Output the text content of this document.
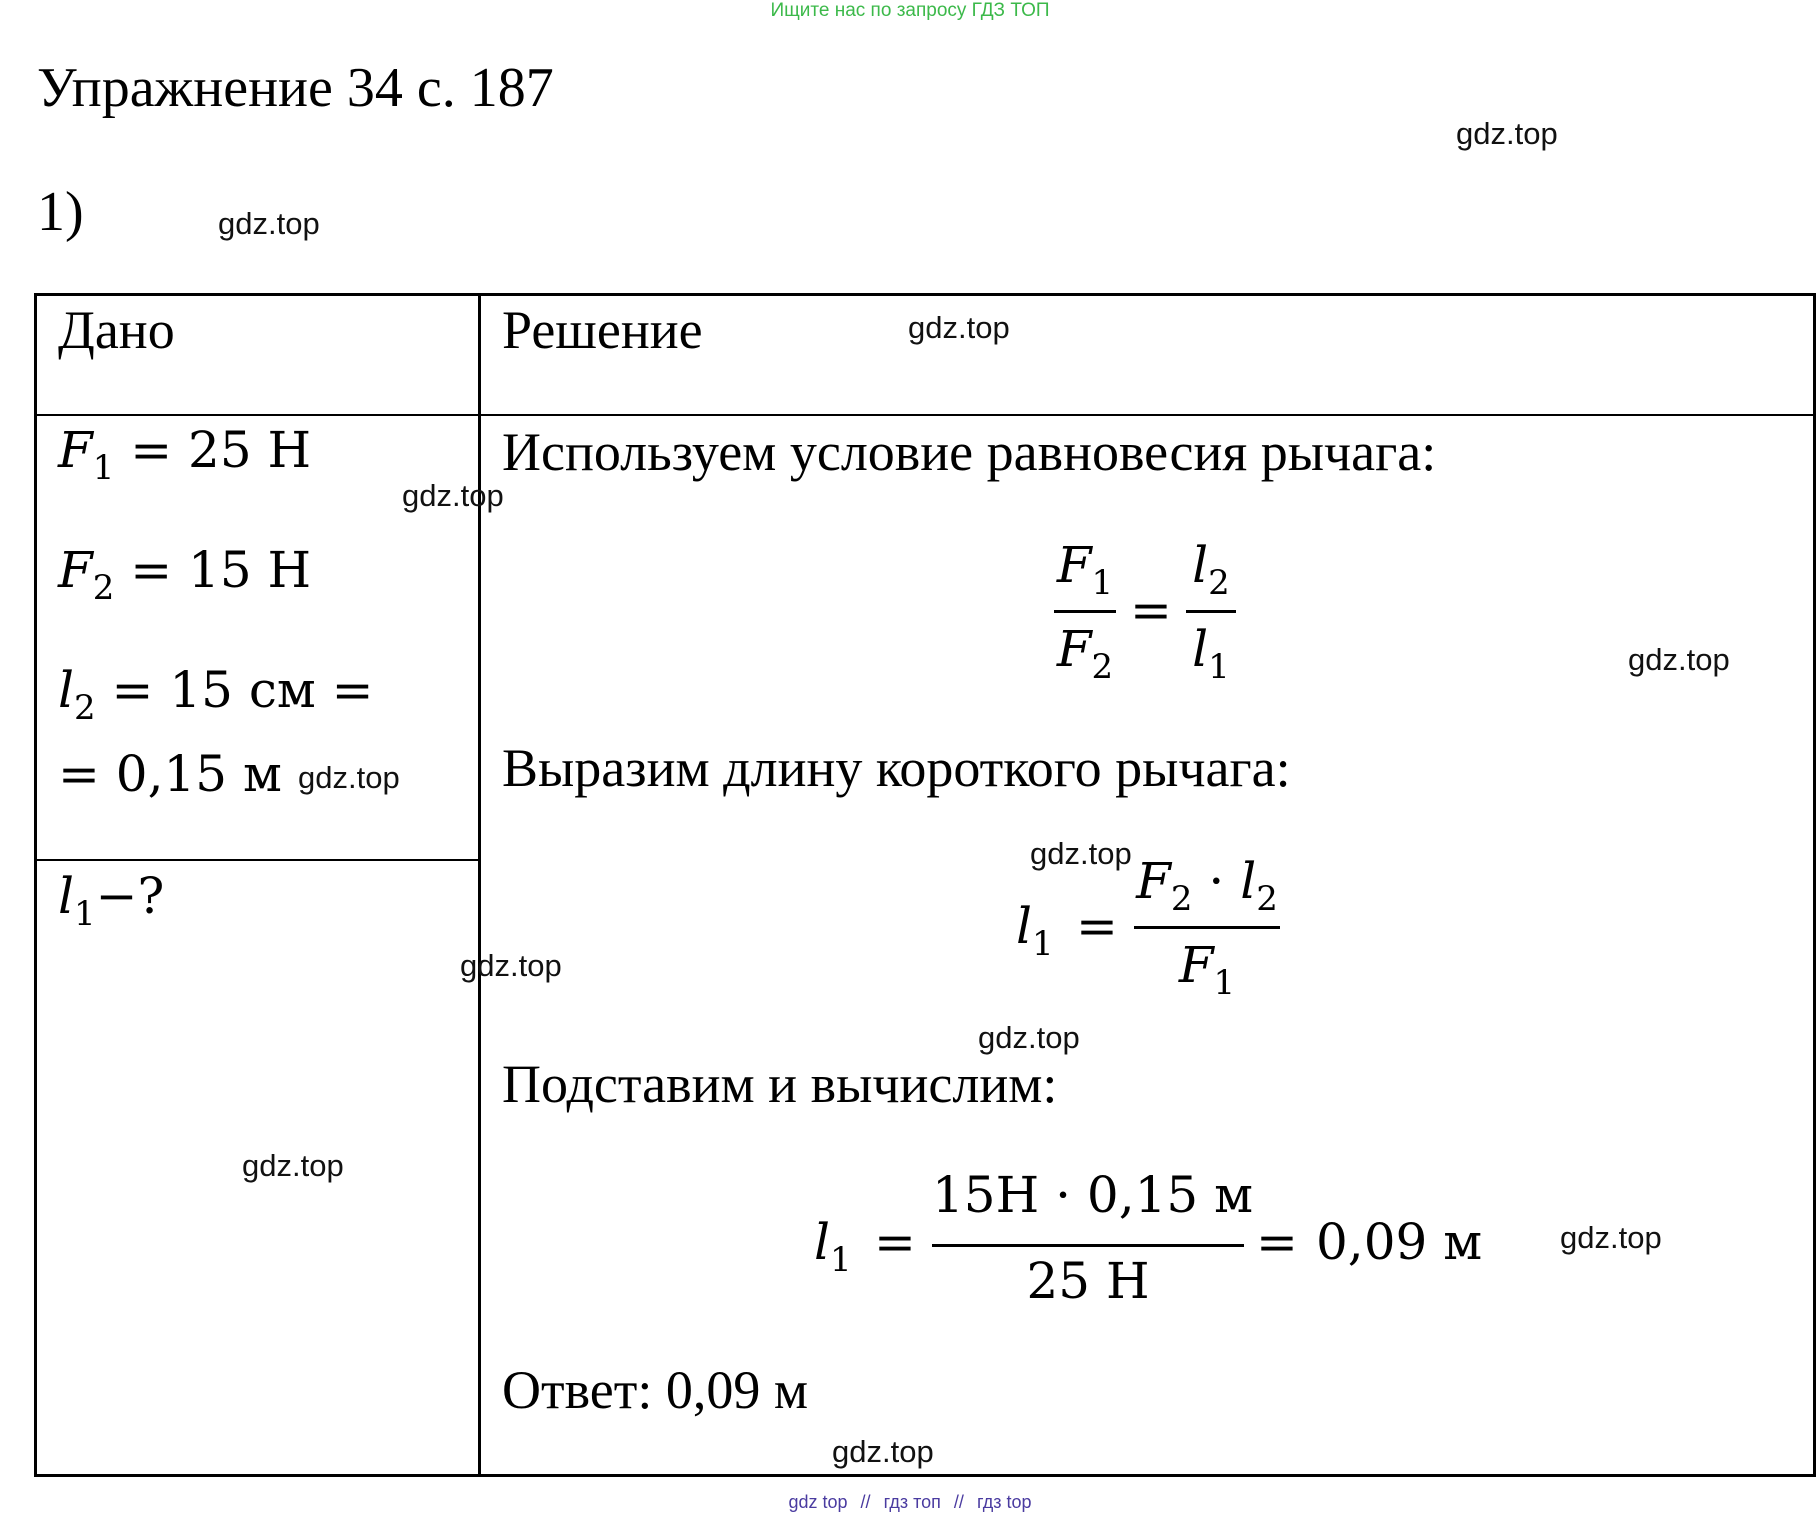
Ищите нас по запросу ГДЗ ТОП
Упражнение 34 с. 187
1)
Дано	Решение
$F_1 = 25$ Н
$F_2 = 15$ Н
$l_2 = 15$ см =
= 0,15 м
$l_1-$?
Используем условие равновесия рычага:
$F_1$
$F_2$
=
$l_2$
$l_1$
Выразим длину короткого рычага:
$l_1$ =
$F_2 \cdot l_2$
$F_1$
Подставим и вычислим:
$l_1$ =
15Н · 0,15 м
25 Н
= 0,09 м
Ответ: 0,09 м
gdz.top
gdz.top
gdz.top
gdz.top
gdz.top
gdz.top
gdz.top
gdz.top
gdz.top
gdz.top
gdz.top
gdz.top
gdz top // гдз топ // гдз top
